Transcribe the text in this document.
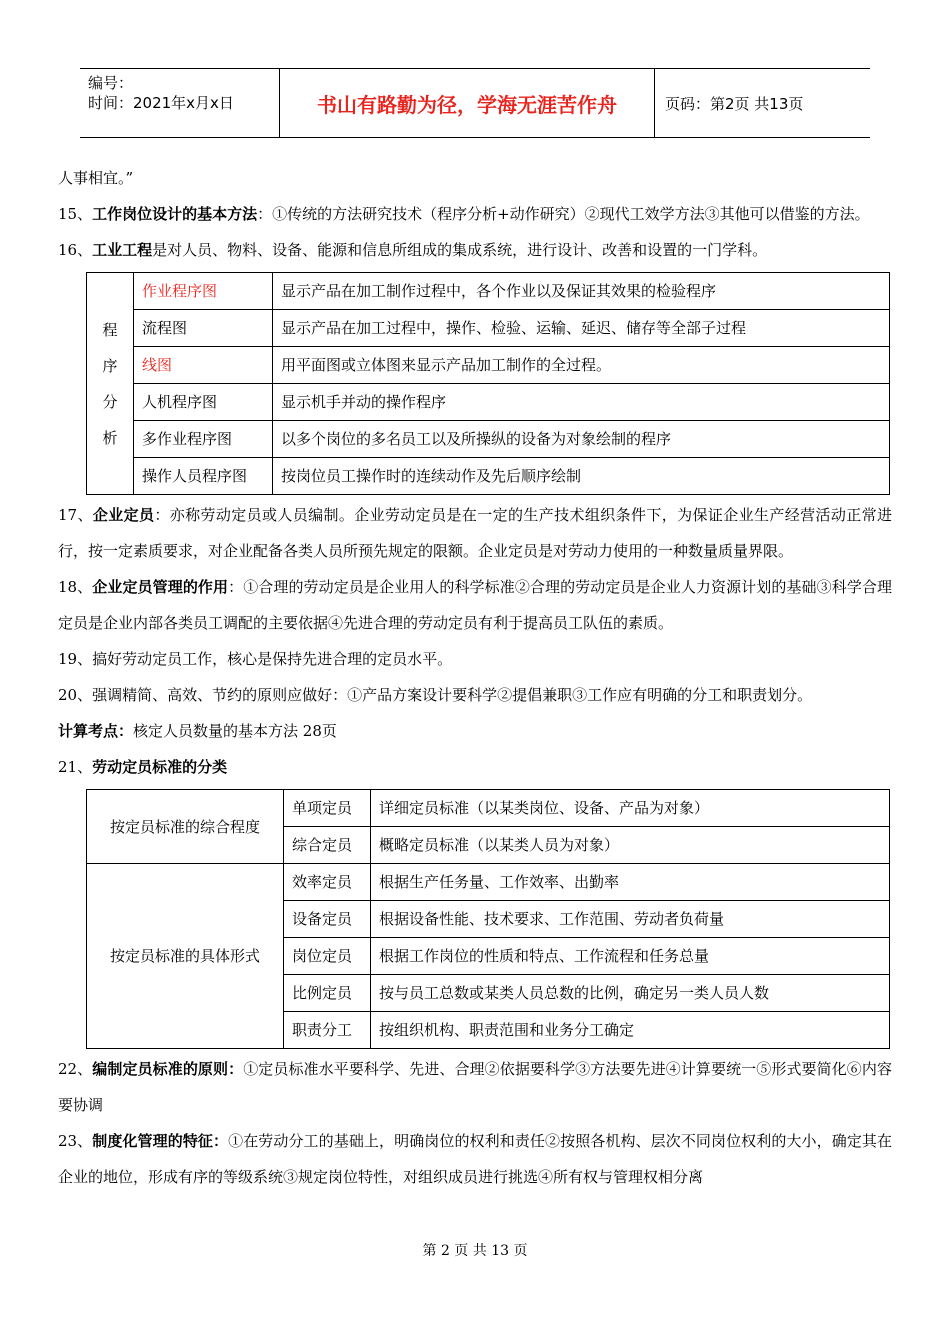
编号：
时间：2021年x月x日	书山有路勤为径，学海无涯苦作舟	页码：第2页 共13页

人事相宜。”

15、工作岗位设计的基本方法：①传统的方法研究技术（程序分析+动作研究）②现代工效学方法③其他可以借鉴的方法。

16、工业工程是对人员、物料、设备、能源和信息所组成的集成系统，进行设计、改善和设置的一门学科。

程
序
分
析	作业程序图	显示产品在加工制作过程中，各个作业以及保证其效果的检验程序
	流程图	显示产品在加工过程中，操作、检验、运输、延迟、储存等全部子过程
	线图	用平面图或立体图来显示产品加工制作的全过程。
	人机程序图	显示机手并动的操作程序
	多作业程序图	以多个岗位的多名员工以及所操纵的设备为对象绘制的程序
	操作人员程序图	按岗位员工操作时的连续动作及先后顺序绘制

17、企业定员：亦称劳动定员或人员编制。企业劳动定员是在一定的生产技术组织条件下，为保证企业生产经营活动正常进行，按一定素质要求，对企业配备各类人员所预先规定的限额。企业定员是对劳动力使用的一种数量质量界限。

18、企业定员管理的作用：①合理的劳动定员是企业用人的科学标准②合理的劳动定员是企业人力资源计划的基础③科学合理定员是企业内部各类员工调配的主要依据④先进合理的劳动定员有利于提高员工队伍的素质。

19、搞好劳动定员工作，核心是保持先进合理的定员水平。

20、强调精简、高效、节约的原则应做好：①产品方案设计要科学②提倡兼职③工作应有明确的分工和职责划分。

计算考点：核定人员数量的基本方法 28页

21、劳动定员标准的分类

按定员标准的综合程度	单项定员	详细定员标准（以某类岗位、设备、产品为对象）
	综合定员	概略定员标准（以某类人员为对象）
按定员标准的具体形式	效率定员	根据生产任务量、工作效率、出勤率
	设备定员	根据设备性能、技术要求、工作范围、劳动者负荷量
	岗位定员	根据工作岗位的性质和特点、工作流程和任务总量
	比例定员	按与员工总数或某类人员总数的比例，确定另一类人员人数
	职责分工	按组织机构、职责范围和业务分工确定

22、编制定员标准的原则：①定员标准水平要科学、先进、合理②依据要科学③方法要先进④计算要统一⑤形式要简化⑥内容要协调

23、制度化管理的特征：①在劳动分工的基础上，明确岗位的权利和责任②按照各机构、层次不同岗位权利的大小，确定其在企业的地位，形成有序的等级系统③规定岗位特性，对组织成员进行挑选④所有权与管理权相分离

第 2 页 共 13 页
